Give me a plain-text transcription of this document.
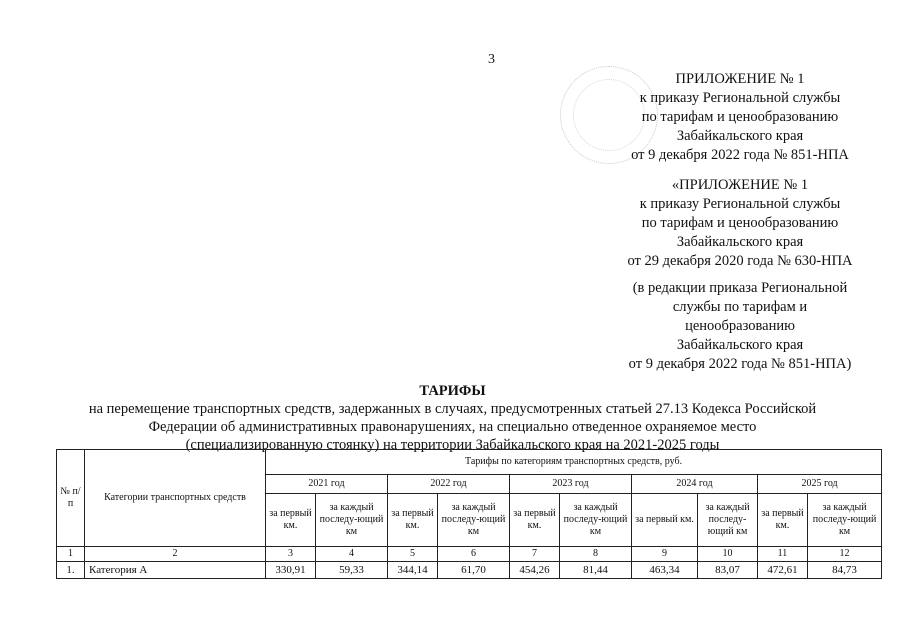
3
ПРИЛОЖЕНИЕ № 1
к приказу Региональной службы
по тарифам и ценообразованию
Забайкальского края
от 9 декабря 2022 года № 851-НПА
«ПРИЛОЖЕНИЕ № 1
к приказу Региональной службы
по тарифам и ценообразованию
Забайкальского края
от 29 декабря 2020 года № 630-НПА
(в редакции приказа Региональной
службы по тарифам и
ценообразованию
Забайкальского края
от 9 декабря 2022 года № 851-НПА)
ТАРИФЫ
на перемещение транспортных средств, задержанных в случаях, предусмотренных статьей 27.13 Кодекса Российской
Федерации об административных правонарушениях, на специально отведенное охраняемое место
(специализированную стоянку) на территории Забайкальского края на 2021-2025 годы
№ п/п	Категории транспортных средств	Тарифы по категориям транспортных средств, руб.									
		2021 год		2022 год		2023 год		2024 год		2025 год	
		за первый км.	за каждый последу-ющий км	за первый км.	за каждый последу-ющий км	за первый км.	за каждый последу-ющий км	за первый км.	за каждый последу-ющий км	за первый км.	за каждый последу-ющий км
1	2	3	4	5	6	7	8	9	10	11	12
1.	Категория А	330,91	59,33	344,14	61,70	454,26	81,44	463,34	83,07	472,61	84,73
